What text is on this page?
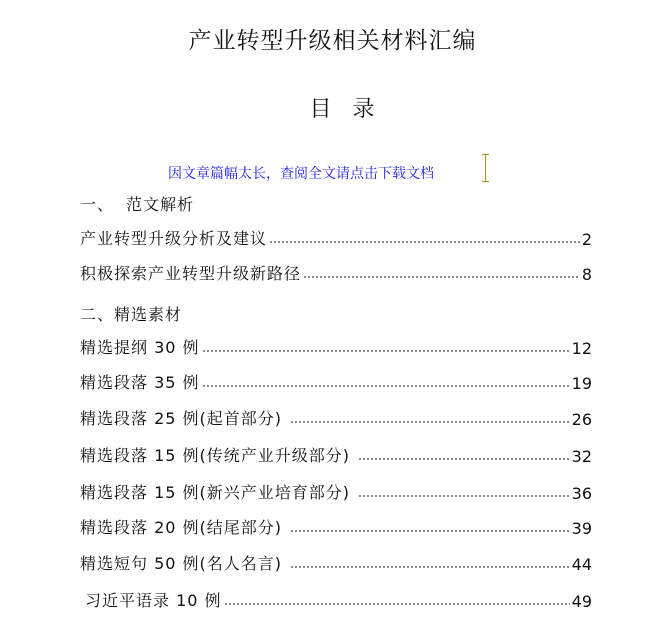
产业转型升级相关材料汇编
目 录
因文章篇幅太长，查阅全文请点击下载文档
一、  范文解析
产业转型升级分析及建议	2
积极探索产业转型升级新路径	8
二、精选素材
精选提纲 30 例	12
精选段落 35 例	19
精选段落 25 例(起首部分)	26
精选段落 15 例(传统产业升级部分)	32
精选段落 15 例(新兴产业培育部分)	36
精选段落 20 例(结尾部分)	39
精选短句 50 例(名人名言)	44
习近平语录 10 例	49
